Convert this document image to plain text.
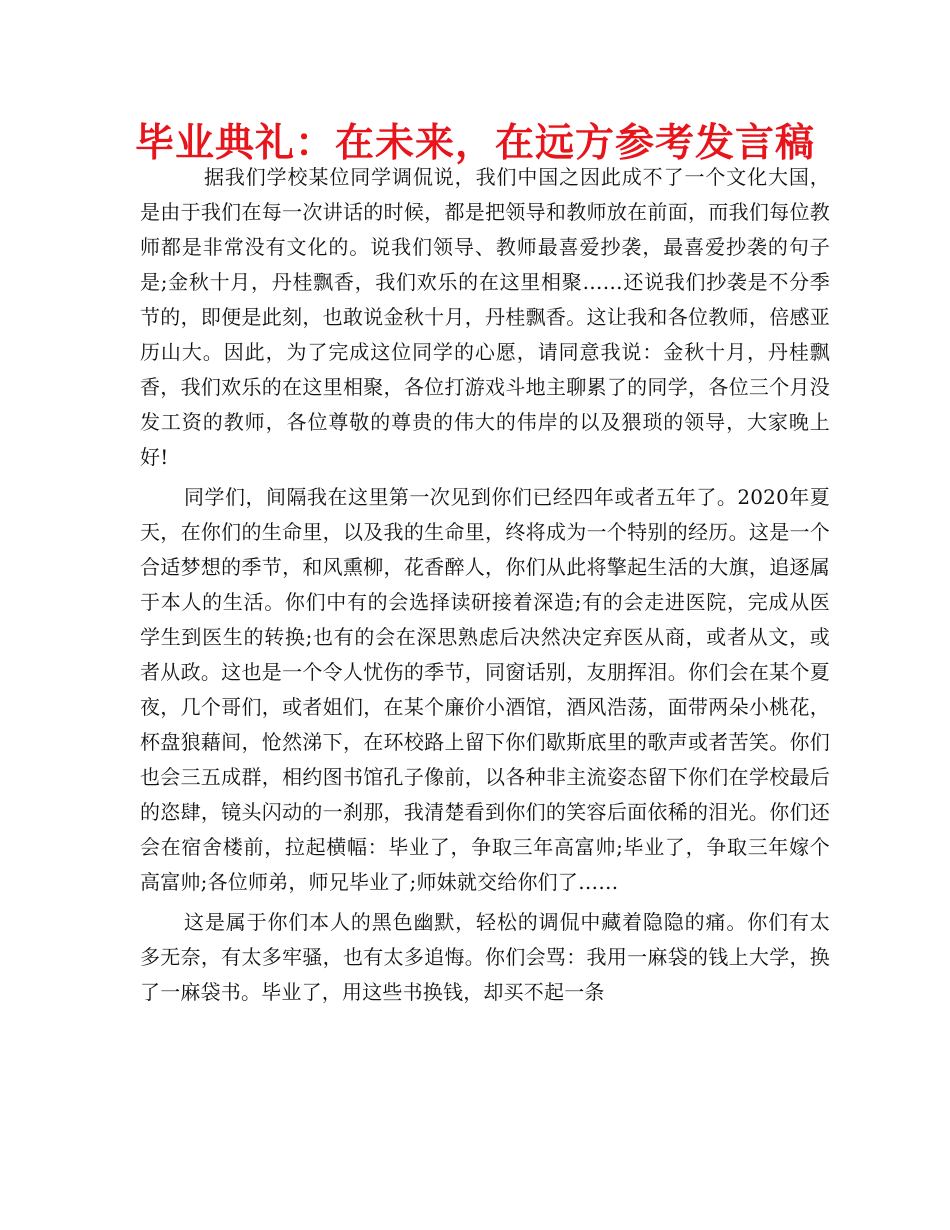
毕业典礼：在未来，在远方参考发言稿

据我们学校某位同学调侃说，我们中国之因此成不了一个文化大国，是由于我们在每一次讲话的时候，都是把领导和教师放在前面，而我们每位教师都是非常没有文化的。说我们领导、教师最喜爱抄袭，最喜爱抄袭的句子是;金秋十月，丹桂飘香，我们欢乐的在这里相聚……还说我们抄袭是不分季节的，即便是此刻，也敢说金秋十月，丹桂飘香。这让我和各位教师，倍感亚历山大。因此，为了完成这位同学的心愿，请同意我说：金秋十月，丹桂飘香，我们欢乐的在这里相聚，各位打游戏斗地主聊累了的同学，各位三个月没发工资的教师，各位尊敬的尊贵的伟大的伟岸的以及猥琐的领导，大家晚上好!

同学们，间隔我在这里第一次见到你们已经四年或者五年了。2020年夏天，在你们的生命里，以及我的生命里，终将成为一个特别的经历。这是一个合适梦想的季节，和风熏柳，花香醉人，你们从此将擎起生活的大旗，追逐属于本人的生活。你们中有的会选择读研接着深造;有的会走进医院，完成从医学生到医生的转换;也有的会在深思熟虑后决然决定弃医从商，或者从文，或者从政。这也是一个令人忧伤的季节，同窗话别，友朋挥泪。你们会在某个夏夜，几个哥们，或者姐们，在某个廉价小酒馆，酒风浩荡，面带两朵小桃花，杯盘狼藉间，怆然涕下，在环校路上留下你们歇斯底里的歌声或者苦笑。你们也会三五成群，相约图书馆孔子像前，以各种非主流姿态留下你们在学校最后的恣肆，镜头闪动的一刹那，我清楚看到你们的笑容后面依稀的泪光。你们还会在宿舍楼前，拉起横幅：毕业了，争取三年高富帅;毕业了，争取三年嫁个高富帅;各位师弟，师兄毕业了;师妹就交给你们了……

这是属于你们本人的黑色幽默，轻松的调侃中藏着隐隐的痛。你们有太多无奈，有太多牢骚，也有太多追悔。你们会骂：我用一麻袋的钱上大学，换了一麻袋书。毕业了，用这些书换钱，却买不起一条
